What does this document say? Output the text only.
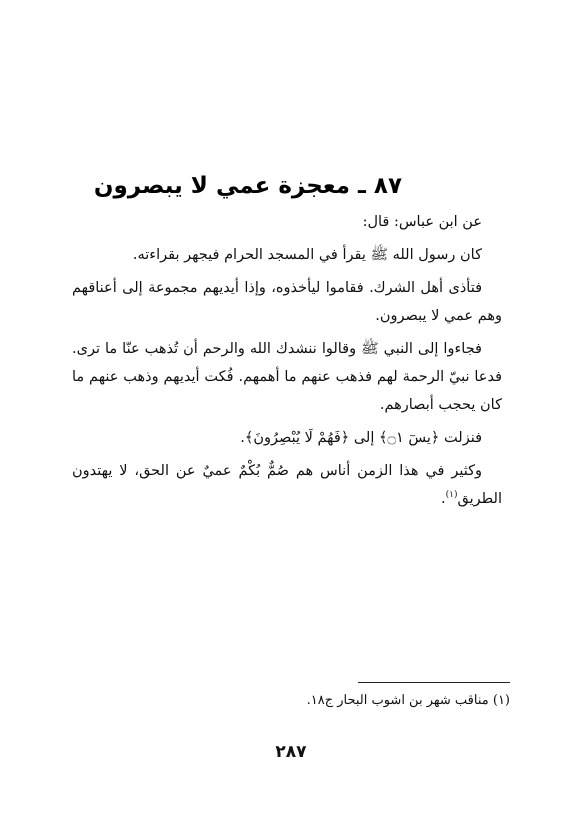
٨٧ ـ معجزة عمي لا يبصرون

عن ابن عباس: قال:

كان رسول الله ﷺ يقرأ في المسجد الحرام فيجهر بقراءته.

فتأذى أهل الشرك. فقاموا ليأخذوه، وإذا أيديهم مجموعة إلى أعناقهم وهم عمي لا يبصرون.

فجاءوا إلى النبي ﷺ وقالوا ننشدك الله والرحم أن تُذهب عنّا ما ترى. فدعا نبيّ الرحمة لهم فذهب عنهم ما أهمهم. فُكت أيديهم وذهب عنهم ما كان يحجب أبصارهم.

فنزلت ﴿يسٓ ۝١﴾ إلى ﴿فَهُمْ لَا يُبْصِرُونَ﴾.

وكثير في هذا الزمن أناس هم صُمٌّ بُكْمٌ عميٌ عن الحق، لا يهتدون الطريق$^{(١)}$.

(١) مناقب شهر بن اشوب البحار ج١٨.
٢٨٧
